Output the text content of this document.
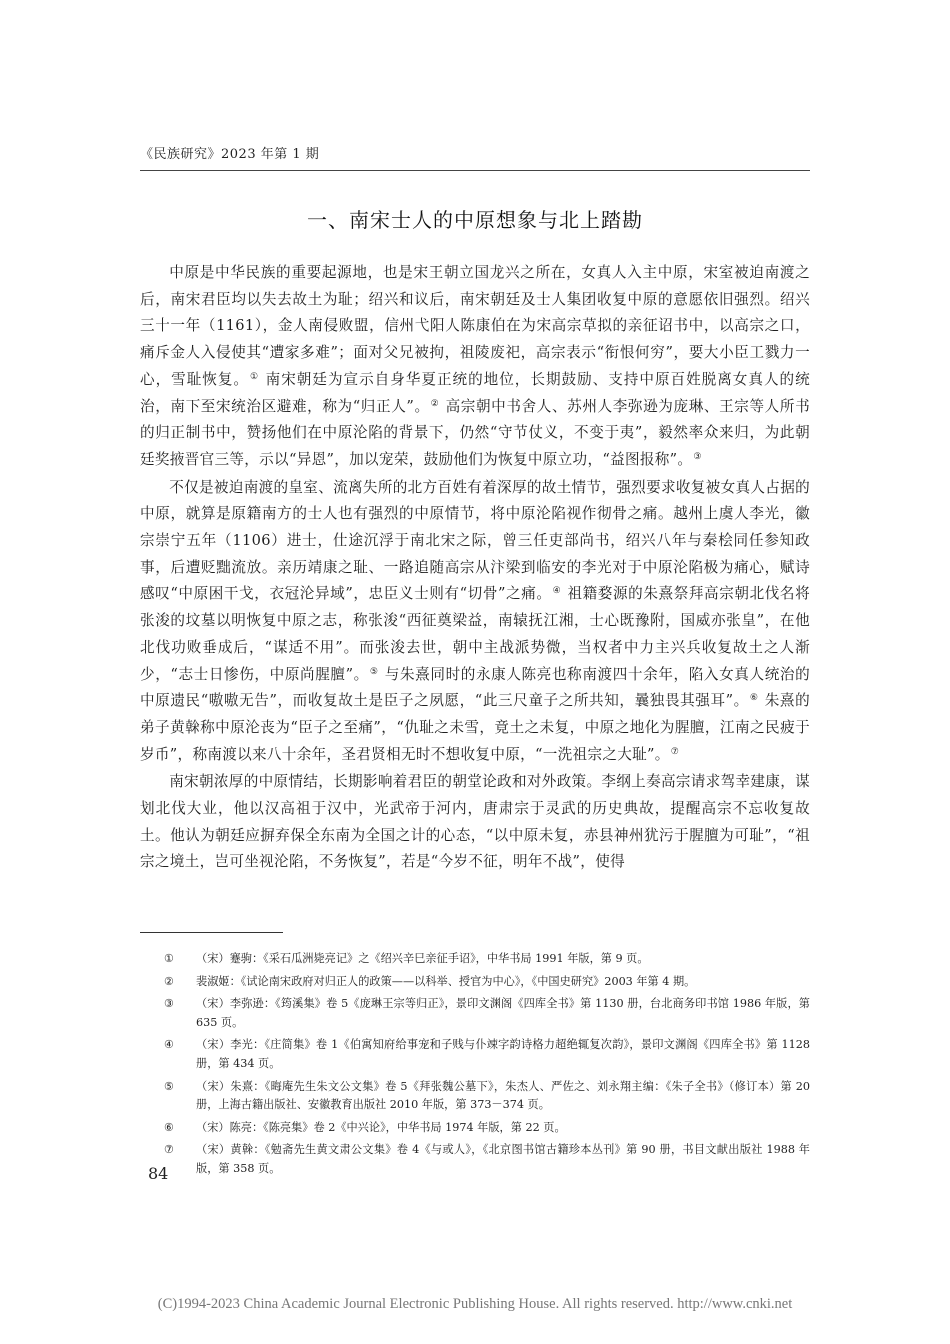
《民族研究》2023 年第 1 期
一、南宋士人的中原想象与北上踏勘

中原是中华民族的重要起源地，也是宋王朝立国龙兴之所在，女真人入主中原，宋室被迫南渡之后，南宋君臣均以失去故土为耻；绍兴和议后，南宋朝廷及士人集团收复中原的意愿依旧强烈。绍兴三十一年（1161），金人南侵败盟，信州弋阳人陈康伯在为宋高宗草拟的亲征诏书中，以高宗之口，痛斥金人入侵使其“遭家多难”；面对父兄被拘，祖陵废祀，高宗表示“衔恨何穷”，要大小臣工戮力一心，雪耻恢复。① 南宋朝廷为宣示自身华夏正统的地位，长期鼓励、支持中原百姓脱离女真人的统治，南下至宋统治区避难，称为“归正人”。② 高宗朝中书舍人、苏州人李弥逊为庞琳、王宗等人所书的归正制书中，赞扬他们在中原沦陷的背景下，仍然“守节仗义，不变于夷”，毅然率众来归，为此朝廷奖掖晋官三等，示以“异恩”，加以宠荣，鼓励他们为恢复中原立功，“益图报称”。③

不仅是被迫南渡的皇室、流离失所的北方百姓有着深厚的故土情节，强烈要求收复被女真人占据的中原，就算是原籍南方的士人也有强烈的中原情节，将中原沦陷视作彻骨之痛。越州上虞人李光，徽宗崇宁五年（1106）进士，仕途沉浮于南北宋之际，曾三任吏部尚书，绍兴八年与秦桧同任参知政事，后遭贬黜流放。亲历靖康之耻、一路追随高宗从汴梁到临安的李光对于中原沦陷极为痛心，赋诗感叹“中原困干戈，衣冠沦异域”，忠臣义士则有“切骨”之痛。④ 祖籍婺源的朱熹祭拜高宗朝北伐名将张浚的坟墓以明恢复中原之志，称张浚“西征奠梁益，南辕抚江湘，士心既豫附，国威亦张皇”，在他北伐功败垂成后，“谋适不用”。而张浚去世，朝中主战派势微，当权者中力主兴兵收复故土之人渐少，“志士日惨伤，中原尚腥膻”。⑤ 与朱熹同时的永康人陈亮也称南渡四十余年，陷入女真人统治的中原遗民“嗷嗷无告”，而收复故土是臣子之夙愿，“此三尺童子之所共知，曩独畏其强耳”。⑥ 朱熹的弟子黄榦称中原沦丧为“臣子之至痛”，“仇耻之未雪，竟土之未复，中原之地化为腥膻，江南之民疲于岁币”，称南渡以来八十余年，圣君贤相无时不想收复中原，“一洗祖宗之大耻”。⑦

南宋朝浓厚的中原情结，长期影响着君臣的朝堂论政和对外政策。李纲上奏高宗请求驾幸建康，谋划北伐大业，他以汉高祖于汉中，光武帝于河内，唐肃宗于灵武的历史典故，提醒高宗不忘收复故土。他认为朝廷应摒弃保全东南为全国之计的心态，“以中原未复，赤县神州犹污于腥膻为可耻”，“祖宗之境土，岂可坐视沦陷，不务恢复”，若是“今岁不征，明年不战”，使得

①	（宋）蹇驹：《采石瓜洲毙亮记》之《绍兴辛巳亲征手诏》，中华书局 1991 年版，第 9 页。
②	裴淑姬：《试论南宋政府对归正人的政策——以科举、授官为中心》，《中国史研究》2003 年第 4 期。
③	（宋）李弥逊：《筠溪集》卷 5《庞琳王宗等归正》，景印文渊阁《四库全书》第 1130 册，台北商务印书馆 1986 年版，第 635 页。
④	（宋）李光：《庄简集》卷 1《伯寓知府给事宠和子贱与仆竦字韵诗格力超绝辄复次韵》，景印文渊阁《四库全书》第 1128 册，第 434 页。
⑤	（宋）朱熹：《晦庵先生朱文公文集》卷 5《拜张魏公墓下》，朱杰人、严佐之、刘永翔主编：《朱子全书》（修订本）第 20 册，上海古籍出版社、安徽教育出版社 2010 年版，第 373－374 页。
⑥	（宋）陈亮：《陈亮集》卷 2《中兴论》，中华书局 1974 年版，第 22 页。
⑦	（宋）黄榦：《勉斋先生黄文肃公文集》卷 4《与或人》，《北京图书馆古籍珍本丛刊》第 90 册，书目文献出版社 1988 年版，第 358 页。
84
(C)1994-2023 China Academic Journal Electronic Publishing House. All rights reserved. http://www.cnki.net
